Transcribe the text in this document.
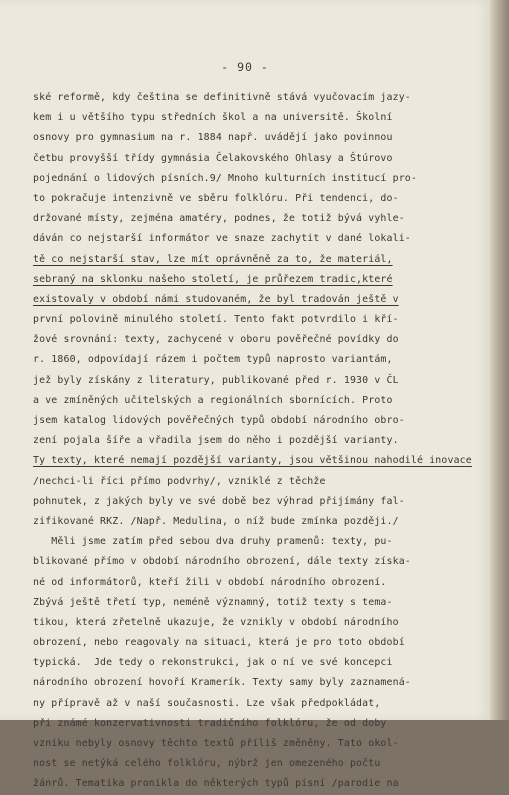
- 90 -
ské reformě, kdy čeština se definitivně stává vyučovacím jazy-
kem i u většího typu středních škol a na universitě. Školní
osnovy pro gymnasium na r. 1884 např. uvádějí jako povinnou
četbu provyšší třídy gymnásia Čelakovského Ohlasy a Štúrovo
pojednání o lidových písních.9/ Mnoho kulturních institucí pro-
to pokračuje intenzivně ve sběru folklóru. Při tendenci, do-
držované místy, zejména amatéry, podnes, že totiž bývá vyhle-
dáván co nejstarší informátor ve snaze zachytit v dané lokali-
tě co nejstarší stav, lze mít oprávněně za to, že materiál,
sebraný na sklonku našeho století, je průřezem tradic,které
existovaly v období námi studovaném, že byl tradován ještě v
první polovině minulého století. Tento fakt potvrdilo i kří-
žové srovnání: texty, zachycené v oboru pověřečné povídky do
r. 1860, odpovídají rázem i počtem typů naprosto variantám,
jež byly získány z literatury, publikované před r. 1930 v ČL
a ve zmíněných učitelských a regionálních sbornících. Proto
jsem katalog lidových pověřečných typů období národního obro-
zení pojala šíře a vřadila jsem do něho i pozdější varianty.
Ty texty, které nemají pozdější varianty, jsou většinou nahodilé inovace
/nechci-li říci přímo podvrhy/, vzniklé z těchže
pohnutek, z jakých byly ve své době bez výhrad přijímány fal-
zifikované RKZ. /Např. Medulina, o níž bude zmínka později./
Měli jsme zatím před sebou dva druhy pramenů: texty, pu-
blikované přímo v období národního obrození, dále texty získa-
né od informátorů, kteří žili v období národního obrození.
Zbývá ještě třetí typ, neméně významný, totiž texty s tema-
tikou, která zřetelně ukazuje, že vznikly v období národního
obrození, nebo reagovaly na situaci, která je pro toto období
typická.  Jde tedy o rekonstrukci, jak o ní ve své koncepci
národního obrození hovoří Kramerík. Texty samy byly zaznamená-
ny přípravě až v naší současnosti. Lze však předpokládat,
při známé konzervativnosti tradičního folklóru, že od doby
vzniku nebyly osnovy těchto textů příliš změněny. Tato okol-
nost se netýká celého folklóru, nýbrž jen omezeného počtu
žánrů. Tematika pronikla do některých typů písní /parodie na
